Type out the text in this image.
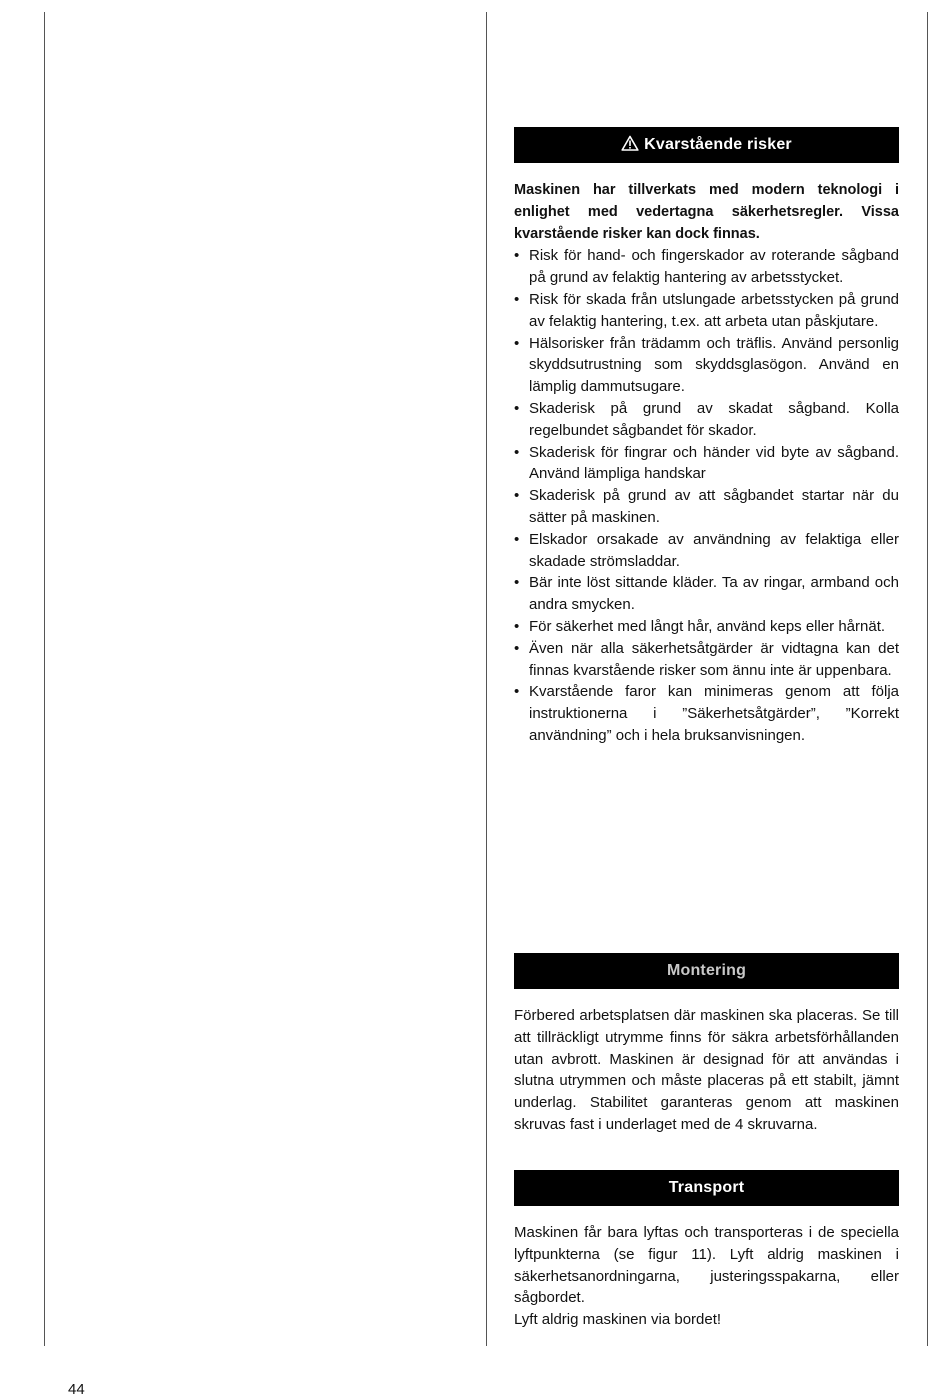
Kvarstående risker

Maskinen har tillverkats med modern teknologi i enlighet med vedertagna säkerhetsregler. Vissa kvarstående risker kan dock finnas.

• Risk för hand- och fingerskador av roterande sågband på grund av felaktig hantering av arbetsstycket.
• Risk för skada från utslungade arbetsstycken på grund av felaktig hantering, t.ex. att arbeta utan påskjutare.
• Hälsorisker från trädamm och träflis. Använd personlig skyddsutrustning som skyddsglasögon. Använd en lämplig dammutsugare.
• Skaderisk på grund av skadat sågband. Kolla regelbundet sågbandet för skador.
• Skaderisk för fingrar och händer vid byte av sågband. Använd lämpliga handskar
• Skaderisk på grund av att sågbandet startar när du sätter på maskinen.
• Elskador orsakade av användning av felaktiga eller skadade strömsladdar.
• Bär inte löst sittande kläder. Ta av ringar, armband och andra smycken.
• För säkerhet med långt hår, använd keps eller hårnät.
• Även när alla säkerhetsåtgärder är vidtagna kan det finnas kvarstående risker som ännu inte är uppenbara.
• Kvarstående faror kan minimeras genom att följa instruktionerna i ”Säkerhetsåtgärder”, ”Korrekt användning” och i hela bruksanvisningen.
Montering

Förbered arbetsplatsen där maskinen ska placeras. Se till att tillräckligt utrymme finns för säkra arbetsförhållanden utan avbrott. Maskinen är designad för att användas i slutna utrymmen och måste placeras på ett stabilt, jämnt underlag. Stabilitet garanteras genom att maskinen skruvas fast i underlaget med de 4 skruvarna.

Transport

Maskinen får bara lyftas och transporteras i de speciella lyftpunkterna (se figur 11). Lyft aldrig maskinen i säkerhetsanordningarna, justeringsspakarna, eller sågbordet.

Lyft aldrig maskinen via bordet!

44
